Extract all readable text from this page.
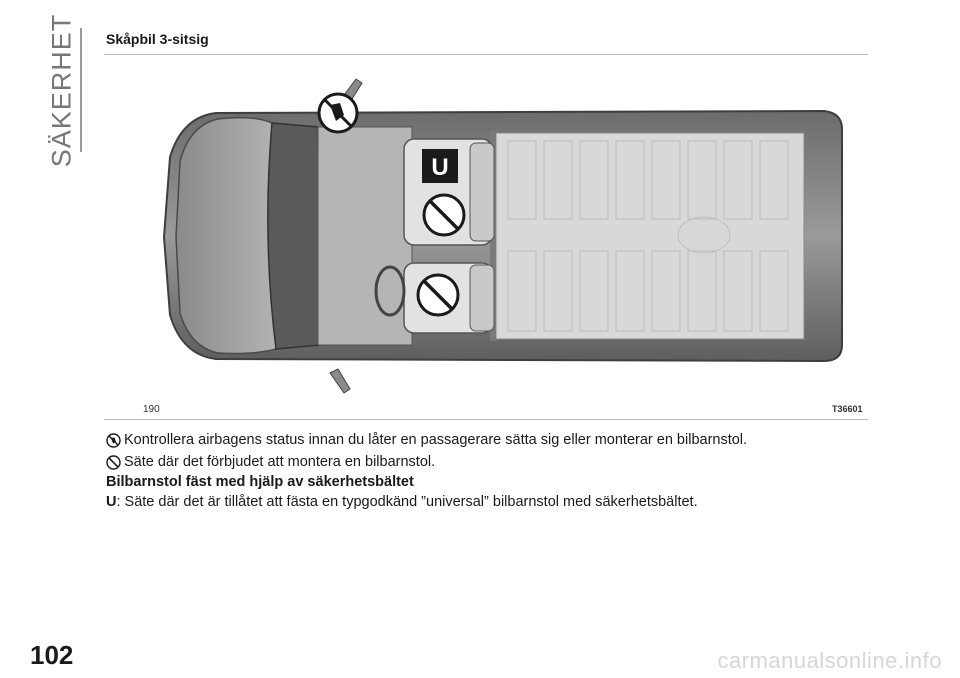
SÄKERHET Skåpbil 3-sitsig
U
190	T36601
Kontrollera airbagens status innan du låter en passagerare sätta sig eller monterar en bilbarnstol.
Säte där det förbjudet att montera en bilbarnstol.
Bilbarnstol fäst med hjälp av säkerhetsbältet
U : Säte där det är tillåtet att fästa en typgodkänd ”universal” bilbarnstol med säkerhetsbältet.
102	carmanualsonline.info
